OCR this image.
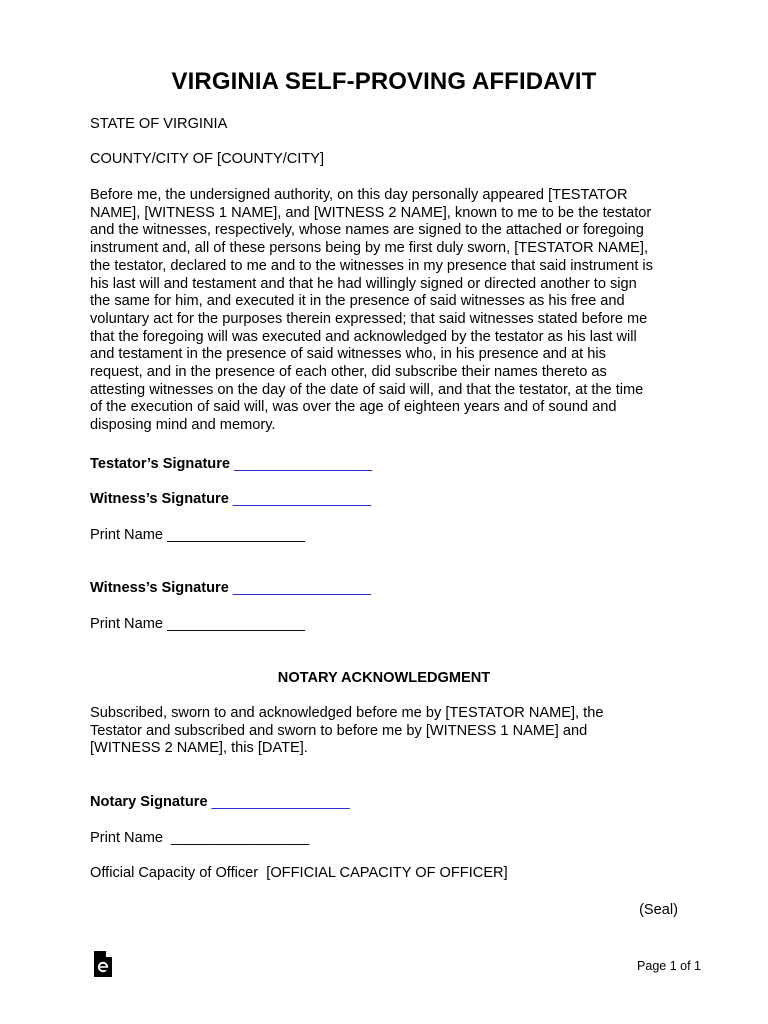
VIRGINIA SELF-PROVING AFFIDAVIT
STATE OF VIRGINIA
COUNTY/CITY OF [COUNTY/CITY]
Before me, the undersigned authority, on this day personally appeared [TESTATOR
NAME], [WITNESS 1 NAME], and [WITNESS 2 NAME], known to me to be the testator
and the witnesses, respectively, whose names are signed to the attached or foregoing
instrument and, all of these persons being by me first duly sworn, [TESTATOR NAME],
the testator, declared to me and to the witnesses in my presence that said instrument is
his last will and testament and that he had willingly signed or directed another to sign
the same for him, and executed it in the presence of said witnesses as his free and
voluntary act for the purposes therein expressed; that said witnesses stated before me
that the foregoing will was executed and acknowledged by the testator as his last will
and testament in the presence of said witnesses who, in his presence and at his
request, and in the presence of each other, did subscribe their names thereto as
attesting witnesses on the day of the date of said will, and that the testator, at the time
of the execution of said will, was over the age of eighteen years and of sound and
disposing mind and memory.
Testator’s Signature _________________
Witness’s Signature _________________
Print Name _________________
Witness’s Signature _________________
Print Name _________________
NOTARY ACKNOWLEDGMENT
Subscribed, sworn to and acknowledged before me by [TESTATOR NAME], the
Testator and subscribed and sworn to before me by [WITNESS 1 NAME] and
[WITNESS 2 NAME], this [DATE].
Notary Signature _________________
Print Name _________________
Official Capacity of Officer [OFFICIAL CAPACITY OF OFFICER]
(Seal)
Page 1 of 1
